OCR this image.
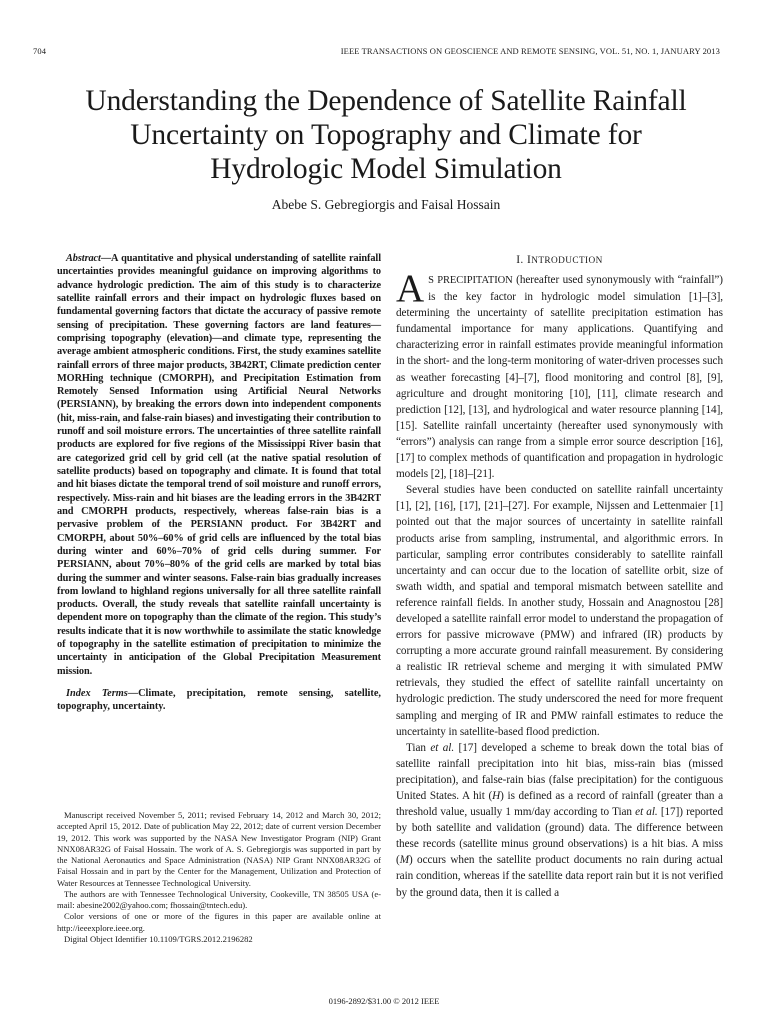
704	IEEE TRANSACTIONS ON GEOSCIENCE AND REMOTE SENSING, VOL. 51, NO. 1, JANUARY 2013
Understanding the Dependence of Satellite Rainfall
Uncertainty on Topography and Climate for
Hydrologic Model Simulation
Abebe S. Gebregiorgis and Faisal Hossain

Abstract—A quantitative and physical understanding of satellite rainfall uncertainties provides meaningful guidance on improving algorithms to advance hydrologic prediction. The aim of this study is to characterize satellite rainfall errors and their impact on hydrologic fluxes based on fundamental governing factors that dictate the accuracy of passive remote sensing of precipitation. These governing factors are land features—comprising topography (elevation)—and climate type, representing the average ambient atmospheric conditions. First, the study examines satellite rainfall errors of three major products, 3B42RT, Climate prediction center MORHing technique (CMORPH), and Precipitation Estimation from Remotely Sensed Information using Artificial Neural Networks (PERSIANN), by breaking the errors down into independent components (hit, miss-rain, and false-rain biases) and investigating their contribution to runoff and soil moisture errors. The uncertainties of three satellite rainfall products are explored for five regions of the Mississippi River basin that are categorized grid cell by grid cell (at the native spatial resolution of satellite products) based on topography and climate. It is found that total and hit biases dictate the temporal trend of soil moisture and runoff errors, respectively. Miss-rain and hit biases are the leading errors in the 3B42RT and CMORPH products, respectively, whereas false-rain bias is a pervasive problem of the PERSIANN product. For 3B42RT and CMORPH, about 50%–60% of grid cells are influenced by the total bias during winter and 60%–70% of grid cells during summer. For PERSIANN, about 70%–80% of the grid cells are marked by total bias during the summer and winter seasons. False-rain bias gradually increases from lowland to highland regions universally for all three satellite rainfall products. Overall, the study reveals that satellite rainfall uncertainty is dependent more on topography than the climate of the region. This study’s results indicate that it is now worthwhile to assimilate the static knowledge of topography in the satellite estimation of precipitation to minimize the uncertainty in anticipation of the Global Precipitation Measurement mission.

Index Terms—Climate, precipitation, remote sensing, satellite, topography, uncertainty.

Manuscript received November 5, 2011; revised February 14, 2012 and March 30, 2012; accepted April 15, 2012. Date of publication May 22, 2012; date of current version December 19, 2012. This work was supported by the NASA New Investigator Program (NIP) Grant NNX08AR32G of Faisal Hossain. The work of A. S. Gebregiorgis was supported in part by the National Aeronautics and Space Administration (NASA) NIP Grant NNX08AR32G of Faisal Hossain and in part by the Center for the Management, Utilization and Protection of Water Resources at Tennessee Technological University.

The authors are with Tennessee Technological University, Cookeville, TN 38505 USA (e-mail: abesine2002@yahoo.com; fhossain@tntech.edu).

Color versions of one or more of the figures in this paper are available online at http://ieeexplore.ieee.org.

Digital Object Identifier 10.1109/TGRS.2012.2196282

I. INTRODUCTION

AS PRECIPITATION (hereafter used synonymously with “rainfall”) is the key factor in hydrologic model simulation [1]–[3], determining the uncertainty of satellite precipitation estimation has fundamental importance for many applications. Quantifying and characterizing error in rainfall estimates provide meaningful information in the short- and the long-term monitoring of water-driven processes such as weather forecasting [4]–[7], flood monitoring and control [8], [9], agriculture and drought monitoring [10], [11], climate research and prediction [12], [13], and hydrological and water resource planning [14], [15]. Satellite rainfall uncertainty (hereafter used synonymously with “errors”) analysis can range from a simple error source description [16], [17] to complex methods of quantification and propagation in hydrologic models [2], [18]–[21].

Several studies have been conducted on satellite rainfall uncertainty [1], [2], [16], [17], [21]–[27]. For example, Nijssen and Lettenmaier [1] pointed out that the major sources of uncertainty in satellite rainfall products arise from sampling, instrumental, and algorithmic errors. In particular, sampling error contributes considerably to satellite rainfall uncertainty and can occur due to the location of satellite orbit, size of swath width, and spatial and temporal mismatch between satellite and reference rainfall fields. In another study, Hossain and Anagnostou [28] developed a satellite rainfall error model to understand the propagation of errors for passive microwave (PMW) and infrared (IR) products by corrupting a more accurate ground rainfall measurement. By considering a realistic IR retrieval scheme and merging it with simulated PMW retrievals, they studied the effect of satellite rainfall uncertainty on hydrologic prediction. The study underscored the need for more frequent sampling and merging of IR and PMW rainfall estimates to reduce the uncertainty in satellite-based flood prediction.

Tian et al. [17] developed a scheme to break down the total bias of satellite rainfall precipitation into hit bias, miss-rain bias (missed precipitation), and false-rain bias (false precipitation) for the contiguous United States. A hit (H) is defined as a record of rainfall (greater than a threshold value, usually 1 mm/day according to Tian et al. [17]) reported by both satellite and validation (ground) data. The difference between these records (satellite minus ground observations) is a hit bias. A miss (M) occurs when the satellite product documents no rain during actual rain condition, whereas if the satellite data report rain but it is not verified by the ground data, then it is called a

0196-2892/$31.00 © 2012 IEEE
